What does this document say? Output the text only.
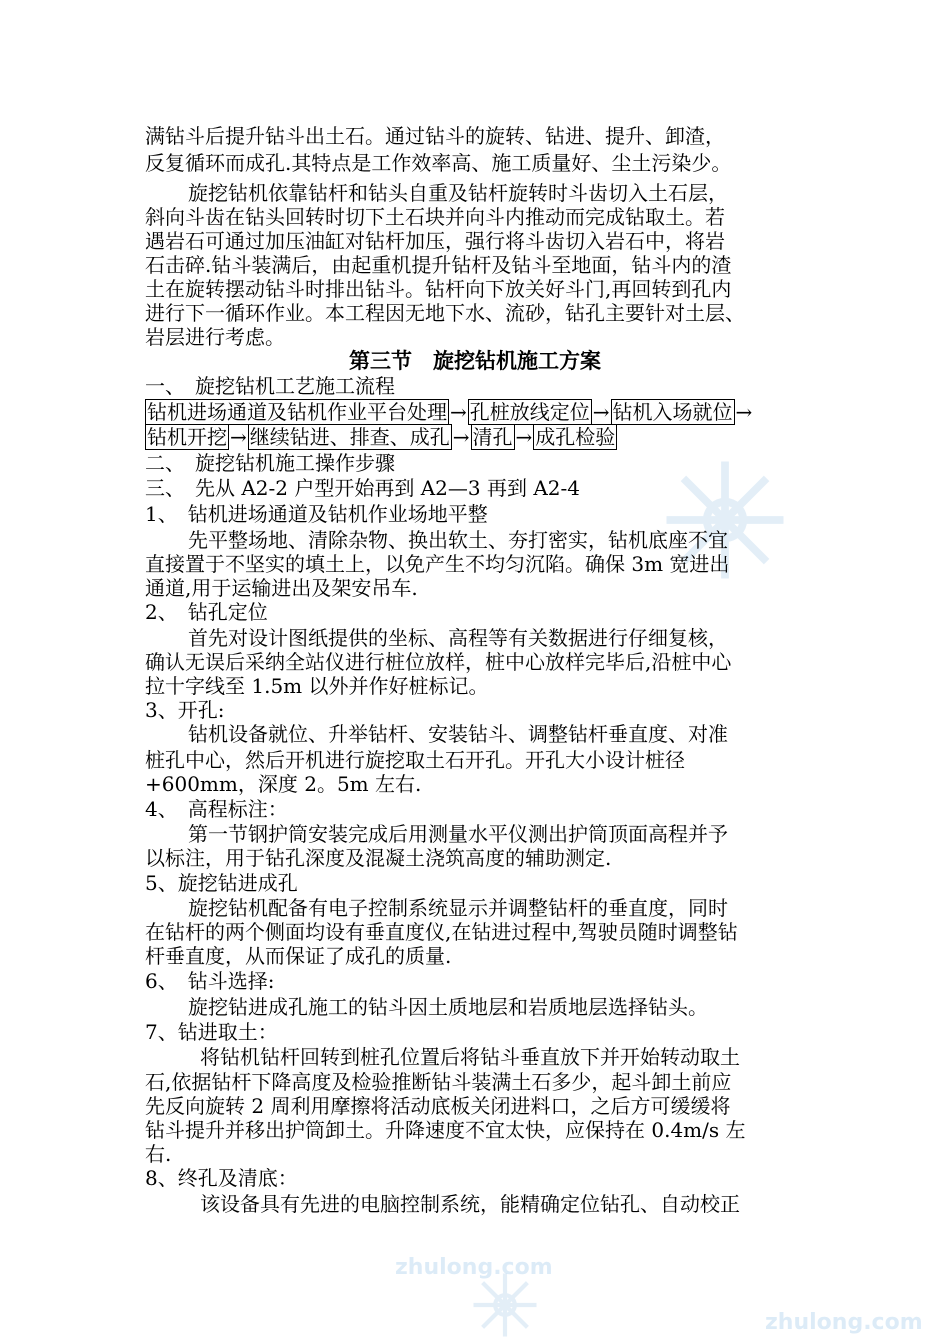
zhulong.com
zhulong.com
满钻斗后提升钻斗出土石。通过钻斗的旋转、钻进、提升、卸渣，
反复循环而成孔.其特点是工作效率高、施工质量好、尘土污染少。
旋挖钻机依靠钻杆和钻头自重及钻杆旋转时斗齿切入土石层，
斜向斗齿在钻头回转时切下土石块并向斗内推动而完成钻取土。若
遇岩石可通过加压油缸对钻杆加压，强行将斗齿切入岩石中，将岩
石击碎.钻斗装满后，由起重机提升钻杆及钻斗至地面，钻斗内的渣
土在旋转摆动钻斗时排出钻斗。钻杆向下放关好斗门,再回转到孔内
进行下一循环作业。本工程因无地下水、流砂，钻孔主要针对土层、
岩层进行考虑。
第三节　旋挖钻机施工方案
一、　旋挖钻机工艺施工流程
钻机进场通道及钻机作业平台处理 → 孔桩放线定位 → 钻机入场就位 →
钻机开挖 → 继续钻进、排查、成孔 → 清孔 → 成孔检验
二、　旋挖钻机施工操作步骤
三、　先从 A2-2 户型开始再到 A2—3 再到 A2-4
1、　钻机进场通道及钻机作业场地平整
先平整场地、清除杂物、换出软土、夯打密实，钻机底座不宜
直接置于不坚实的填土上，以免产生不均匀沉陷。确保 3m 宽进出
通道,用于运输进出及架安吊车.
2、　钻孔定位
首先对设计图纸提供的坐标、高程等有关数据进行仔细复核，
确认无误后采纳全站仪进行桩位放样，桩中心放样完毕后,沿桩中心
拉十字线至 1.5m 以外并作好桩标记。
3、开孔:
钻机设备就位、升举钻杆、安装钻斗、调整钻杆垂直度、对准
桩孔中心，然后开机进行旋挖取土石开孔。开孔大小设计桩径
+600mm，深度 2。5m 左右.
4、　高程标注：
第一节钢护筒安装完成后用测量水平仪测出护筒顶面高程并予
以标注，用于钻孔深度及混凝土浇筑高度的辅助测定.
5、旋挖钻进成孔
旋挖钻机配备有电子控制系统显示并调整钻杆的垂直度，同时
在钻杆的两个侧面均设有垂直度仪,在钻进过程中,驾驶员随时调整钻
杆垂直度，从而保证了成孔的质量.
6、　钻斗选择:
旋挖钻进成孔施工的钻斗因土质地层和岩质地层选择钻头。
7、钻进取土：
将钻机钻杆回转到桩孔位置后将钻斗垂直放下并开始转动取土
石,依据钻杆下降高度及检验推断钻斗装满土石多少，起斗卸土前应
先反向旋转 2 周利用摩擦将活动底板关闭进料口，之后方可缓缓将
钻斗提升并移出护筒卸土。升降速度不宜太快，应保持在 0.4m/s 左
右.
8、终孔及清底：
该设备具有先进的电脑控制系统，能精确定位钻孔、自动校正
